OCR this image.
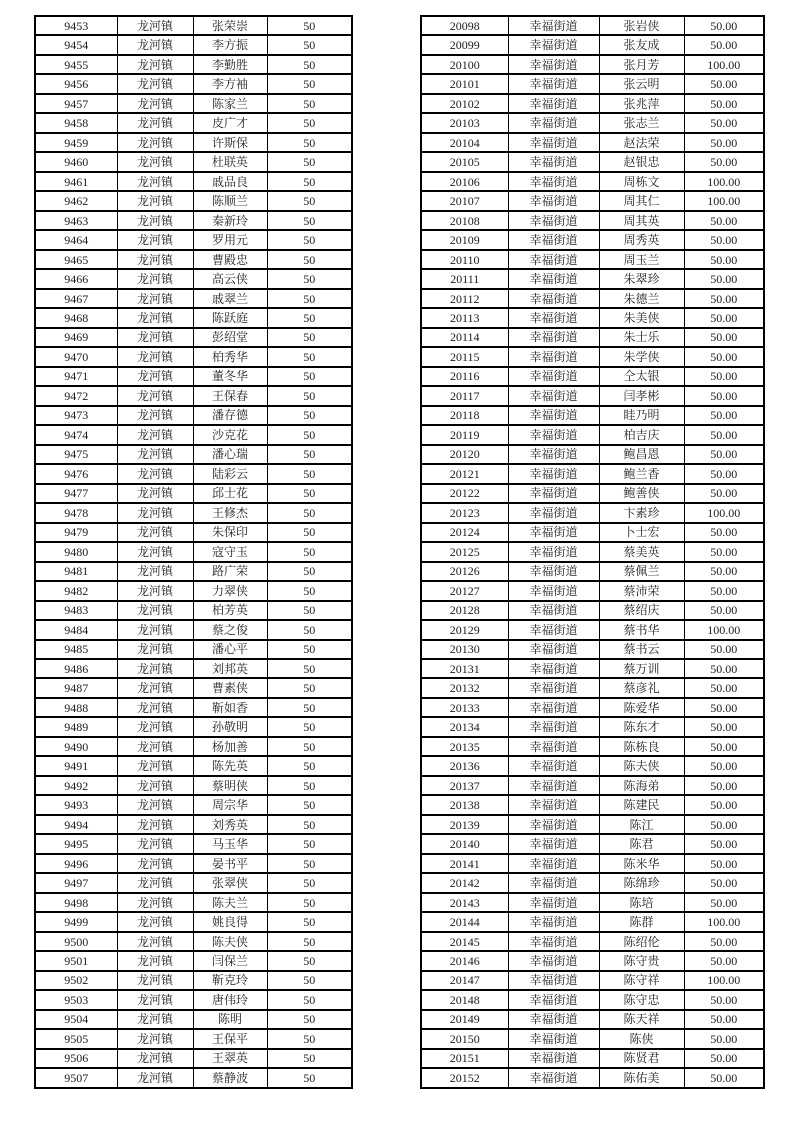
9453	龙河镇	张荣崇	50
9454	龙河镇	李方振	50
9455	龙河镇	李勤胜	50
9456	龙河镇	李方袖	50
9457	龙河镇	陈家兰	50
9458	龙河镇	皮广才	50
9459	龙河镇	许斯保	50
9460	龙河镇	杜联英	50
9461	龙河镇	戚品良	50
9462	龙河镇	陈顺兰	50
9463	龙河镇	秦新玲	50
9464	龙河镇	罗用元	50
9465	龙河镇	曹殿忠	50
9466	龙河镇	高云侠	50
9467	龙河镇	戚翠兰	50
9468	龙河镇	陈跃庭	50
9469	龙河镇	彭绍堂	50
9470	龙河镇	柏秀华	50
9471	龙河镇	董冬华	50
9472	龙河镇	王保春	50
9473	龙河镇	潘存德	50
9474	龙河镇	沙克花	50
9475	龙河镇	潘心瑞	50
9476	龙河镇	陆彩云	50
9477	龙河镇	邱士花	50
9478	龙河镇	王修杰	50
9479	龙河镇	朱保印	50
9480	龙河镇	寇守玉	50
9481	龙河镇	路广荣	50
9482	龙河镇	力翠侠	50
9483	龙河镇	柏芳英	50
9484	龙河镇	蔡之俊	50
9485	龙河镇	潘心平	50
9486	龙河镇	刘邦英	50
9487	龙河镇	曹素侠	50
9488	龙河镇	靳如香	50
9489	龙河镇	孙敬明	50
9490	龙河镇	杨加善	50
9491	龙河镇	陈先英	50
9492	龙河镇	蔡明侠	50
9493	龙河镇	周宗华	50
9494	龙河镇	刘秀英	50
9495	龙河镇	马玉华	50
9496	龙河镇	晏书平	50
9497	龙河镇	张翠侠	50
9498	龙河镇	陈夫兰	50
9499	龙河镇	姚良得	50
9500	龙河镇	陈夫侠	50
9501	龙河镇	闫保兰	50
9502	龙河镇	靳克玲	50
9503	龙河镇	唐伟玲	50
9504	龙河镇	陈明	50
9505	龙河镇	王保平	50
9506	龙河镇	王翠英	50
9507	龙河镇	蔡静波	50
20098	幸福街道	张岩侠	50.00
20099	幸福街道	张友成	50.00
20100	幸福街道	张月芳	100.00
20101	幸福街道	张云明	50.00
20102	幸福街道	张兆萍	50.00
20103	幸福街道	张志兰	50.00
20104	幸福街道	赵法荣	50.00
20105	幸福街道	赵银忠	50.00
20106	幸福街道	周栋文	100.00
20107	幸福街道	周其仁	100.00
20108	幸福街道	周其英	50.00
20109	幸福街道	周秀英	50.00
20110	幸福街道	周玉兰	50.00
20111	幸福街道	朱翠珍	50.00
20112	幸福街道	朱德兰	50.00
20113	幸福街道	朱美侠	50.00
20114	幸福街道	朱士乐	50.00
20115	幸福街道	朱学侠	50.00
20116	幸福街道	仝太银	50.00
20117	幸福街道	闫孝彬	50.00
20118	幸福街道	眭乃明	50.00
20119	幸福街道	柏吉庆	50.00
20120	幸福街道	鲍昌恩	50.00
20121	幸福街道	鲍兰香	50.00
20122	幸福街道	鲍善侠	50.00
20123	幸福街道	卞素珍	100.00
20124	幸福街道	卜士宏	50.00
20125	幸福街道	蔡美英	50.00
20126	幸福街道	蔡佩兰	50.00
20127	幸福街道	蔡沛荣	50.00
20128	幸福街道	蔡绍庆	50.00
20129	幸福街道	蔡书华	100.00
20130	幸福街道	蔡书云	50.00
20131	幸福街道	蔡万训	50.00
20132	幸福街道	蔡彦礼	50.00
20133	幸福街道	陈爱华	50.00
20134	幸福街道	陈东才	50.00
20135	幸福街道	陈栋良	50.00
20136	幸福街道	陈夫侠	50.00
20137	幸福街道	陈海弟	50.00
20138	幸福街道	陈建民	50.00
20139	幸福街道	陈江	50.00
20140	幸福街道	陈君	50.00
20141	幸福街道	陈米华	50.00
20142	幸福街道	陈绵珍	50.00
20143	幸福街道	陈培	50.00
20144	幸福街道	陈群	100.00
20145	幸福街道	陈绍伦	50.00
20146	幸福街道	陈守贵	50.00
20147	幸福街道	陈守祥	100.00
20148	幸福街道	陈守忠	50.00
20149	幸福街道	陈天祥	50.00
20150	幸福街道	陈侠	50.00
20151	幸福街道	陈贤君	50.00
20152	幸福街道	陈佑美	50.00
